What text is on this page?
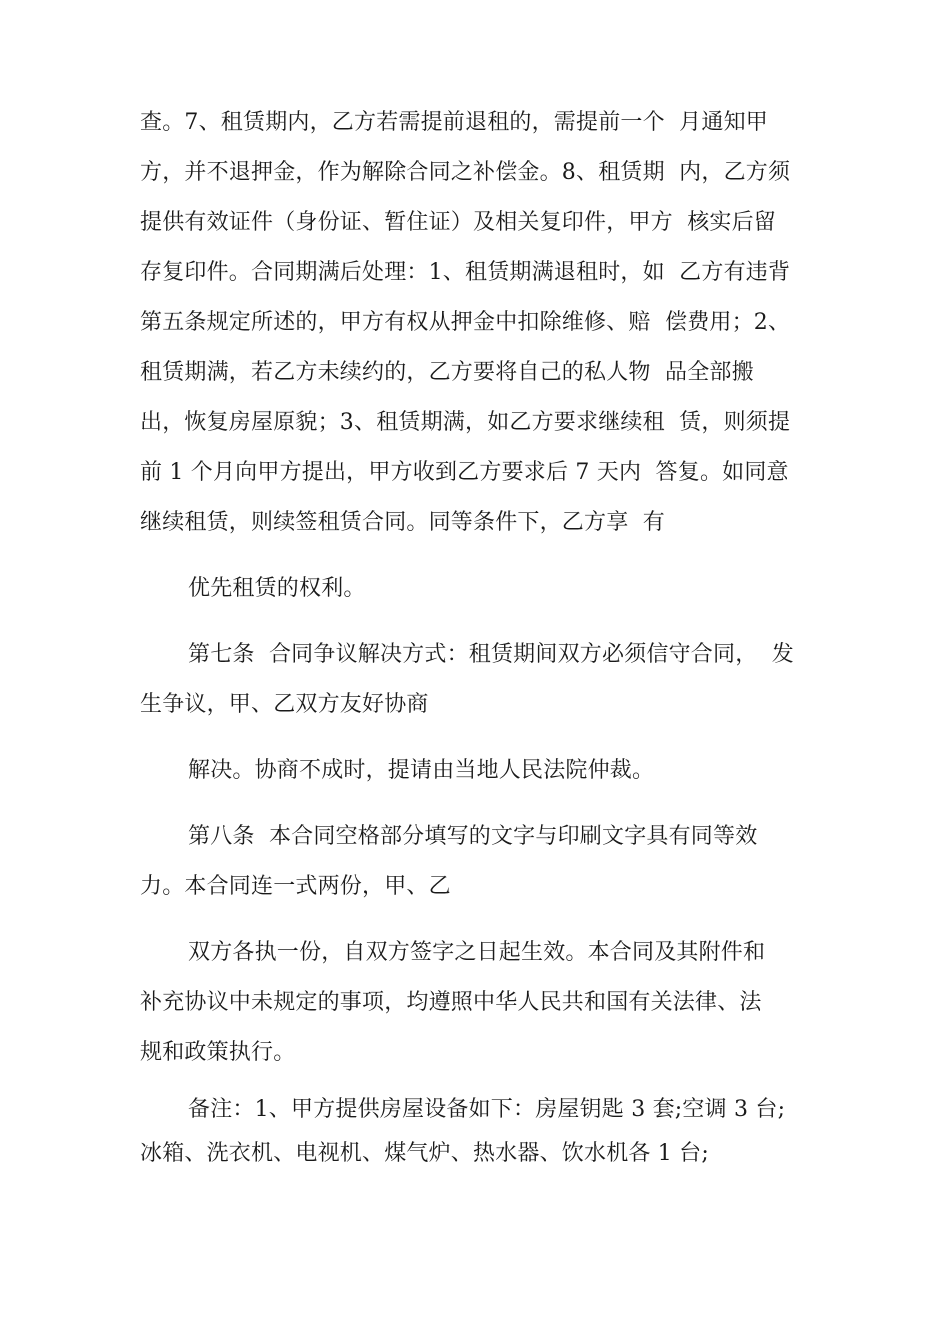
查。7、租赁期内，乙方若需提前退租的，需提前一个  月通知甲
方，并不退押金，作为解除合同之补偿金。8、租赁期  内，乙方须
提供有效证件（身份证、暂住证）及相关复印件，甲方  核实后留
存复印件。合同期满后处理：1、租赁期满退租时，如  乙方有违背
第五条规定所述的，甲方有权从押金中扣除维修、赔  偿费用；2、
租赁期满，若乙方未续约的，乙方要将自己的私人物  品全部搬
出，恢复房屋原貌；3、租赁期满，如乙方要求继续租  赁，则须提
前 1 个月向甲方提出，甲方收到乙方要求后 7 天内  答复。如同意
继续租赁，则续签租赁合同。同等条件下，乙方享  有
优先租赁的权利。
第七条  合同争议解决方式：租赁期间双方必须信守合同，  发
生争议，甲、乙双方友好协商
解决。协商不成时，提请由当地人民法院仲裁。
第八条  本合同空格部分填写的文字与印刷文字具有同等效
力。本合同连一式两份，甲、乙
双方各执一份，自双方签字之日起生效。本合同及其附件和
补充协议中未规定的事项，均遵照中华人民共和国有关法律、法
规和政策执行。
备注：1、甲方提供房屋设备如下：房屋钥匙 3 套;空调 3 台;
冰箱、洗衣机、电视机、煤气炉、热水器、饮水机各 1 台;
